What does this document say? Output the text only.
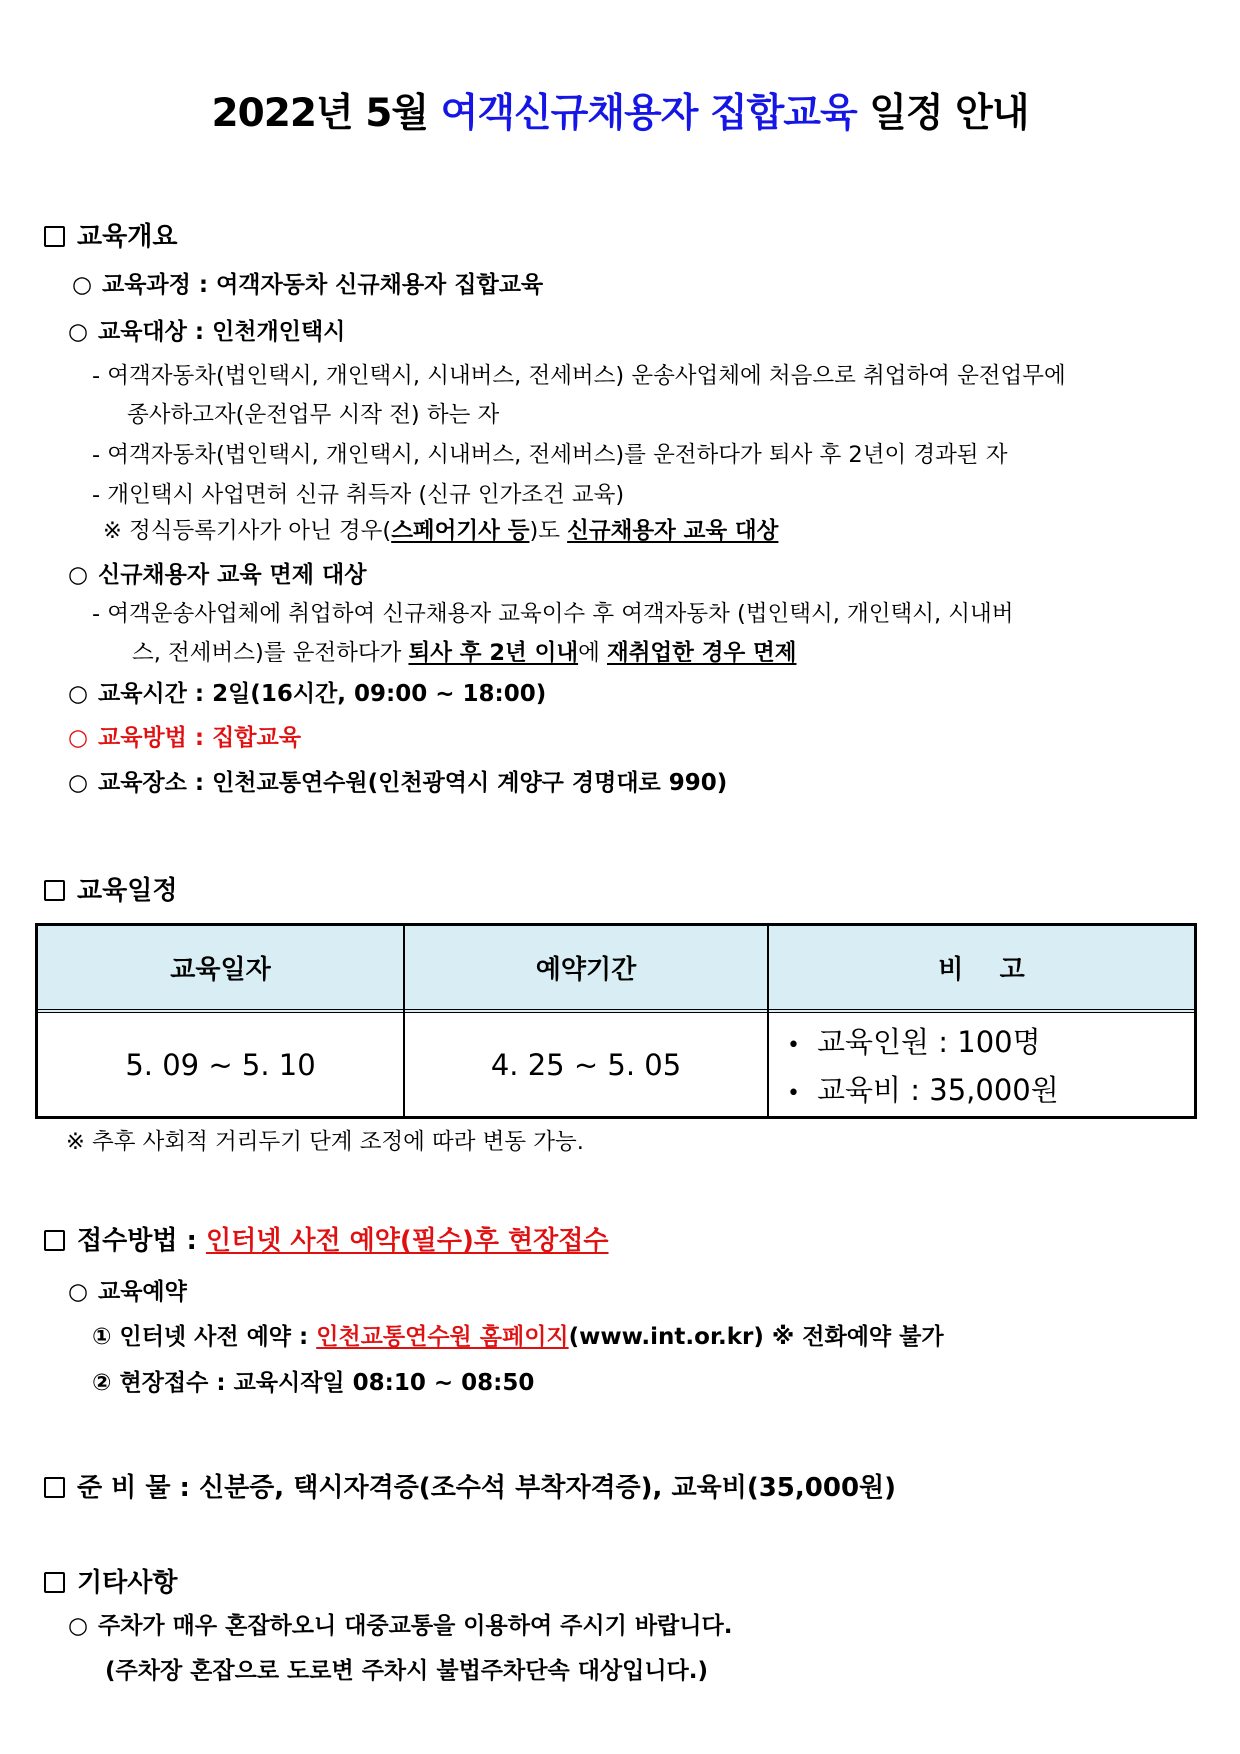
2022년 5월 여객신규채용자 집합교육 일정 안내
교육개요
○ 교육과정 : 여객자동차 신규채용자 집합교육
○ 교육대상 : 인천개인택시
- 여객자동차(법인택시, 개인택시, 시내버스, 전세버스) 운송사업체에 처음으로 취업하여 운전업무에
종사하고자(운전업무 시작 전) 하는 자
- 여객자동차(법인택시, 개인택시, 시내버스, 전세버스)를 운전하다가 퇴사 후 2년이 경과된 자
- 개인택시 사업면허 신규 취득자 (신규 인가조건 교육)
※ 정식등록기사가 아닌 경우(스페어기사 등)도 신규채용자 교육 대상
○ 신규채용자 교육 면제 대상
- 여객운송사업체에 취업하여 신규채용자 교육이수 후 여객자동차 (법인택시, 개인택시, 시내버
스, 전세버스)를 운전하다가 퇴사 후 2년 이내에 재취업한 경우 면제
○ 교육시간 : 2일(16시간, 09:00 ~ 18:00)
○ 교육방법 : 집합교육
○ 교육장소 : 인천교통연수원(인천광역시 계양구 경명대로 990)
교육일정
교육일자	예약기간	비    고
5. 09 ~ 5. 10	4. 25 ~ 5. 05
• 교육인원 : 100명
• 교육비 : 35,000원
※ 추후 사회적 거리두기 단계 조정에 따라 변동 가능.
접수방법 : 인터넷 사전 예약(필수)후 현장접수
○ 교육예약
① 인터넷 사전 예약 : 인천교통연수원 홈페이지(www.int.or.kr) ※ 전화예약 불가
② 현장접수 : 교육시작일 08:10 ~ 08:50
준 비 물 : 신분증, 택시자격증(조수석 부착자격증), 교육비(35,000원)
기타사항
○ 주차가 매우 혼잡하오니 대중교통을 이용하여 주시기 바랍니다.
(주차장 혼잡으로 도로변 주차시 불법주차단속 대상입니다.)
